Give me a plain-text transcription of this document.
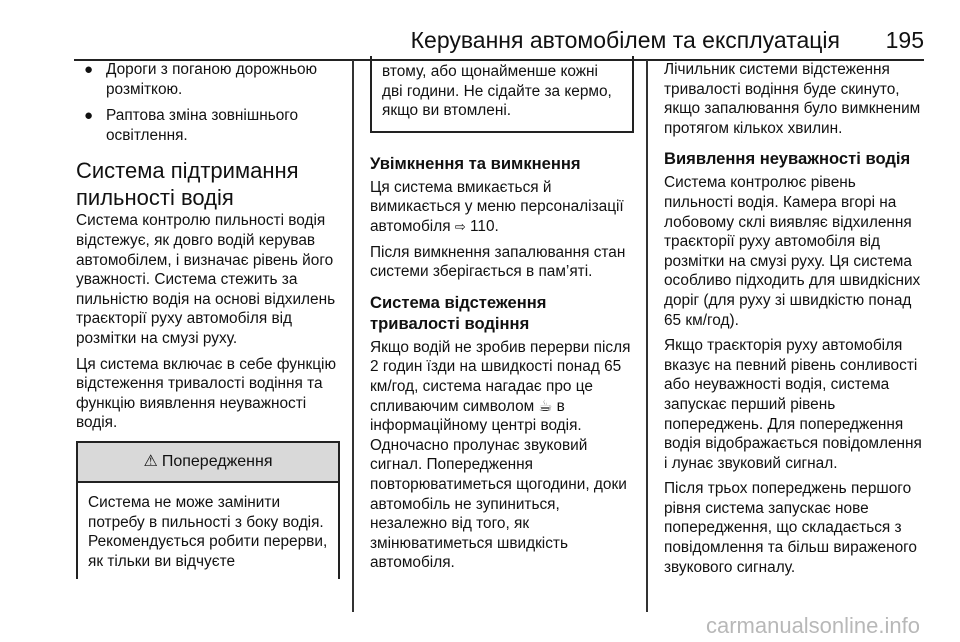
Керування автомобілем та експлуатація 195
● Дороги з поганою дорожньою розміткою.
● Раптова зміна зовнішнього освітлення.
Система підтримання пильності водія

Система контролю пильності водія відстежує, як довго водій керував автомобілем, і визначає рівень його уважності. Система стежить за пильністю водія на основі відхилень траєкторії руху автомобіля від розмітки на смузі руху.

Ця система включає в себе функцію відстеження тривалості водіння та функцію виявлення неуважності водія.

⚠ Попередження
Система не може замінити потребу в пильності з боку водія. Рекомендується робити перерви, як тільки ви відчуєте
втому, або щонайменше кожні дві години. Не сідайте за кермо, якщо ви втомлені.
Увімкнення та вимкнення

Ця система вмикається й вимикається у меню персоналізації автомобіля ⇨ 110.

Після вимкнення запалювання стан системи зберігається в пам’яті.

Система відстеження тривалості водіння

Якщо водій не зробив перерви після 2 годин їзди на швидкості понад 65 км/год, система нагадає про це спливаючим символом ☕ в інформаційному центрі водія. Одночасно пролунає звуковий сигнал. Попередження повторюватиметься щогодини, доки автомобіль не зупиниться, незалежно від того, як змінюватиметься швидкість автомобіля.

Лічильник системи відстеження тривалості водіння буде скинуто, якщо запалювання було вимкненим протягом кількох хвилин.

Виявлення неуважності водія

Система контролює рівень пильності водія. Камера вгорі на лобовому склі виявляє відхилення траєкторії руху автомобіля від розмітки на смузі руху. Ця система особливо підходить для швидкісних доріг (для руху зі швидкістю понад 65 км/год).

Якщо траєкторія руху автомобіля вказує на певний рівень сонливості або неуважності водія, система запускає перший рівень попереджень. Для попередження водія відображається повідомлення і лунає звуковий сигнал.

Після трьох попереджень першого рівня система запускає нове попередження, що складається з повідомлення та більш вираженого звукового сигналу.

carmanualsonline.info
